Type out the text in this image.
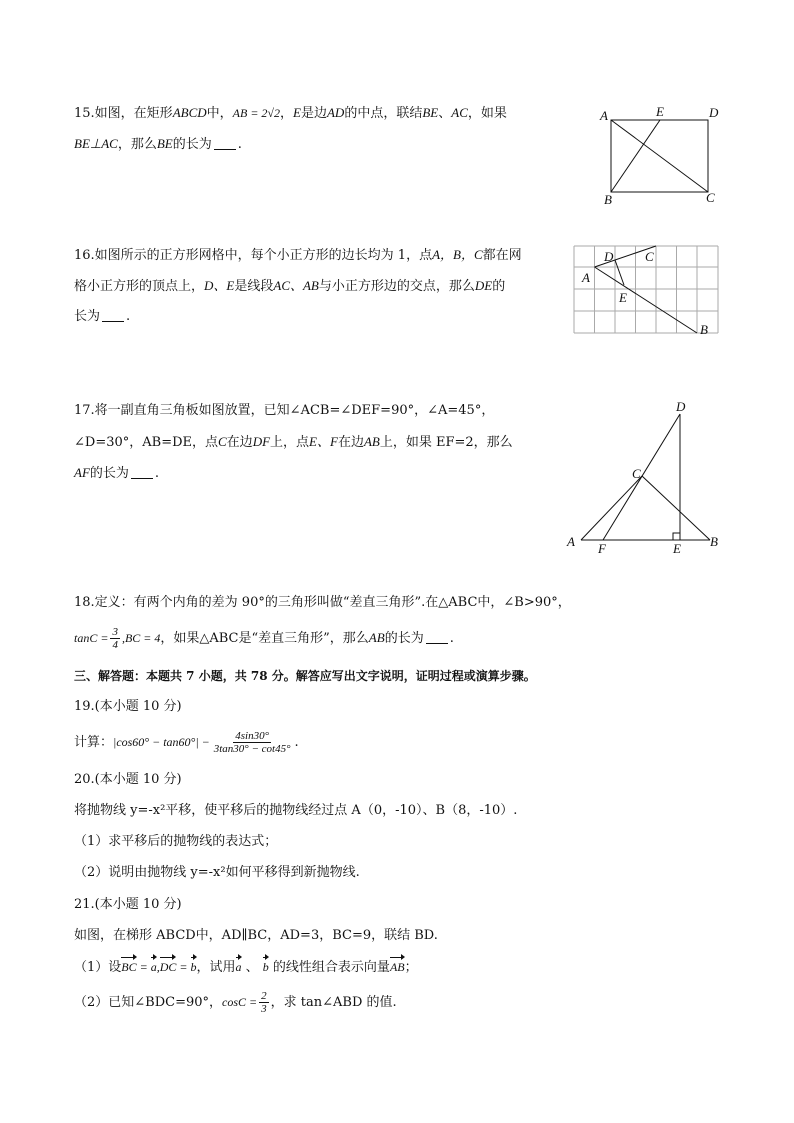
15.如图，在矩形ABCD中，AB = 2√2，E是边AD的中点，联结BE、AC，如果
BE⊥AC，那么BE的长为 .
A	E	D
B	C
16.如图所示的正方形网格中，每个小正方形的边长均为 1，点A，B，C都在网
格小正方形的顶点上，D、E是线段AC、AB与小正方形边的交点，那么DE的
长为 .
D C
A
E
B
17.将一副直角三角板如图放置，已知∠ACB=∠DEF=90°，∠A=45°，
∠D=30°，AB=DE，点C在边DF上，点E、F在边AB上，如果 EF=2，那么
AF的长为 .
D
C
A F	E B
18.定义：有两个内角的差为 90°的三角形叫做“差直三角形”.在△ABC中，∠B>90°，
$\tan C = \frac{3}{4} ,BC = 4$，如果△ABC是“差直三角形”，那么AB的长为 .
三、解答题：本题共 7 小题，共 78 分。解答应写出文字说明，证明过程或演算步骤。
19.(本小题 10 分)
计算：$|\cos 60^\circ - \tan 60^\circ| - \frac{4\sin 30^\circ}{3\tan 30^\circ - \cot 45^\circ}$ .
20.(本小题 10 分)
将抛物线 y=-x²平移，使平移后的抛物线经过点 A（0，-10）、B（8，-10）.
（1）求平移后的抛物线的表达式；
（2）说明由抛物线 y=-x²如何平移得到新抛物线.
21.(本小题 10 分)
如图，在梯形 ABCD中，AD∥BC，AD=3，BC=9，联结 BD.
（1）设BC = a,DC = b，试用a 、 b 的线性组合表示向量AB；
（2）已知∠BDC=90°，$\cos C = \frac{2}{3}$ ，求 tan∠ABD 的值.
